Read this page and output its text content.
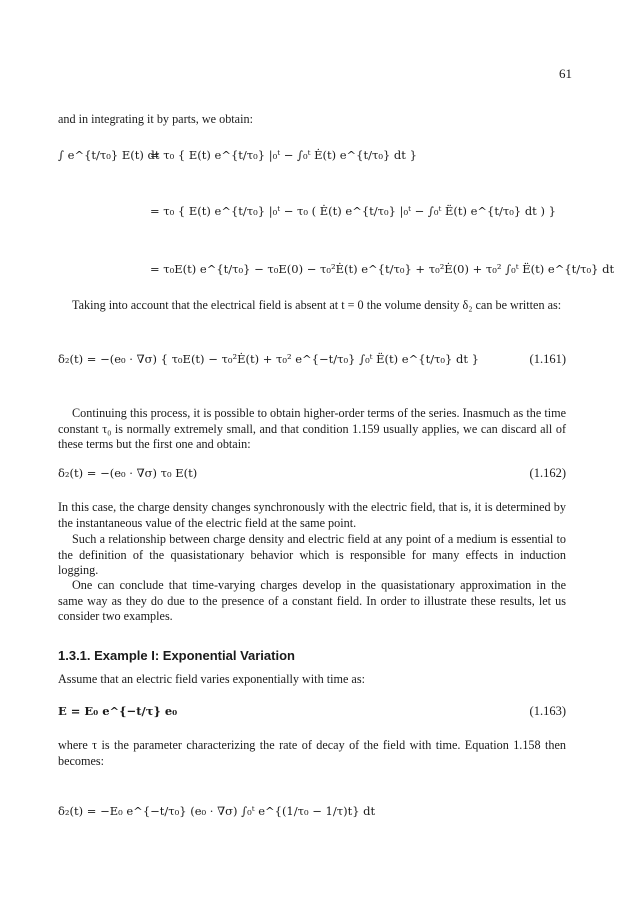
61
and in integrating it by parts, we obtain:
∫ e^{t/τ₀} E(t) dt
= τ₀ { E(t) e^{t/τ₀} |₀ᵗ − ∫₀ᵗ Ė(t) e^{t/τ₀} dt }
= τ₀ { E(t) e^{t/τ₀} |₀ᵗ − τ₀ ( Ė(t) e^{t/τ₀} |₀ᵗ − ∫₀ᵗ Ë(t) e^{t/τ₀} dt ) }
= τ₀E(t) e^{t/τ₀} − τ₀E(0) − τ₀²Ė(t) e^{t/τ₀} + τ₀²Ė(0) + τ₀² ∫₀ᵗ Ë(t) e^{t/τ₀} dt
Taking into account that the electrical field is absent at t = 0 the volume density δ₂ can be written as:
δ₂(t) = −(e₀ · ∇σ) { τ₀E(t) − τ₀²Ė(t) + τ₀² e^{−t/τ₀} ∫₀ᵗ Ë(t) e^{t/τ₀} dt }	(1.161)
Continuing this process, it is possible to obtain higher-order terms of the series. Inasmuch as the time constant τ₀ is normally extremely small, and that condition 1.159 usually applies, we can discard all of these terms but the first one and obtain:
δ₂(t) = −(e₀ · ∇σ) τ₀ E(t)	(1.162)
In this case, the charge density changes synchronously with the electric field, that is, it is determined by the instantaneous value of the electric field at the same point.
Such a relationship between charge density and electric field at any point of a medium is essential to the definition of the quasistationary behavior which is responsible for many effects in induction logging.
One can conclude that time-varying charges develop in the quasistationary approximation in the same way as they do due to the presence of a constant field. In order to illustrate these results, let us consider two examples.
1.3.1. Example I: Exponential Variation
Assume that an electric field varies exponentially with time as:
E = E₀ e^{−t/τ} e₀	(1.163)
where τ is the parameter characterizing the rate of decay of the field with time. Equation 1.158 then becomes:
δ₂(t) = −E₀ e^{−t/τ₀} (e₀ · ∇σ) ∫₀ᵗ e^{(1/τ₀ − 1/τ)t} dt
